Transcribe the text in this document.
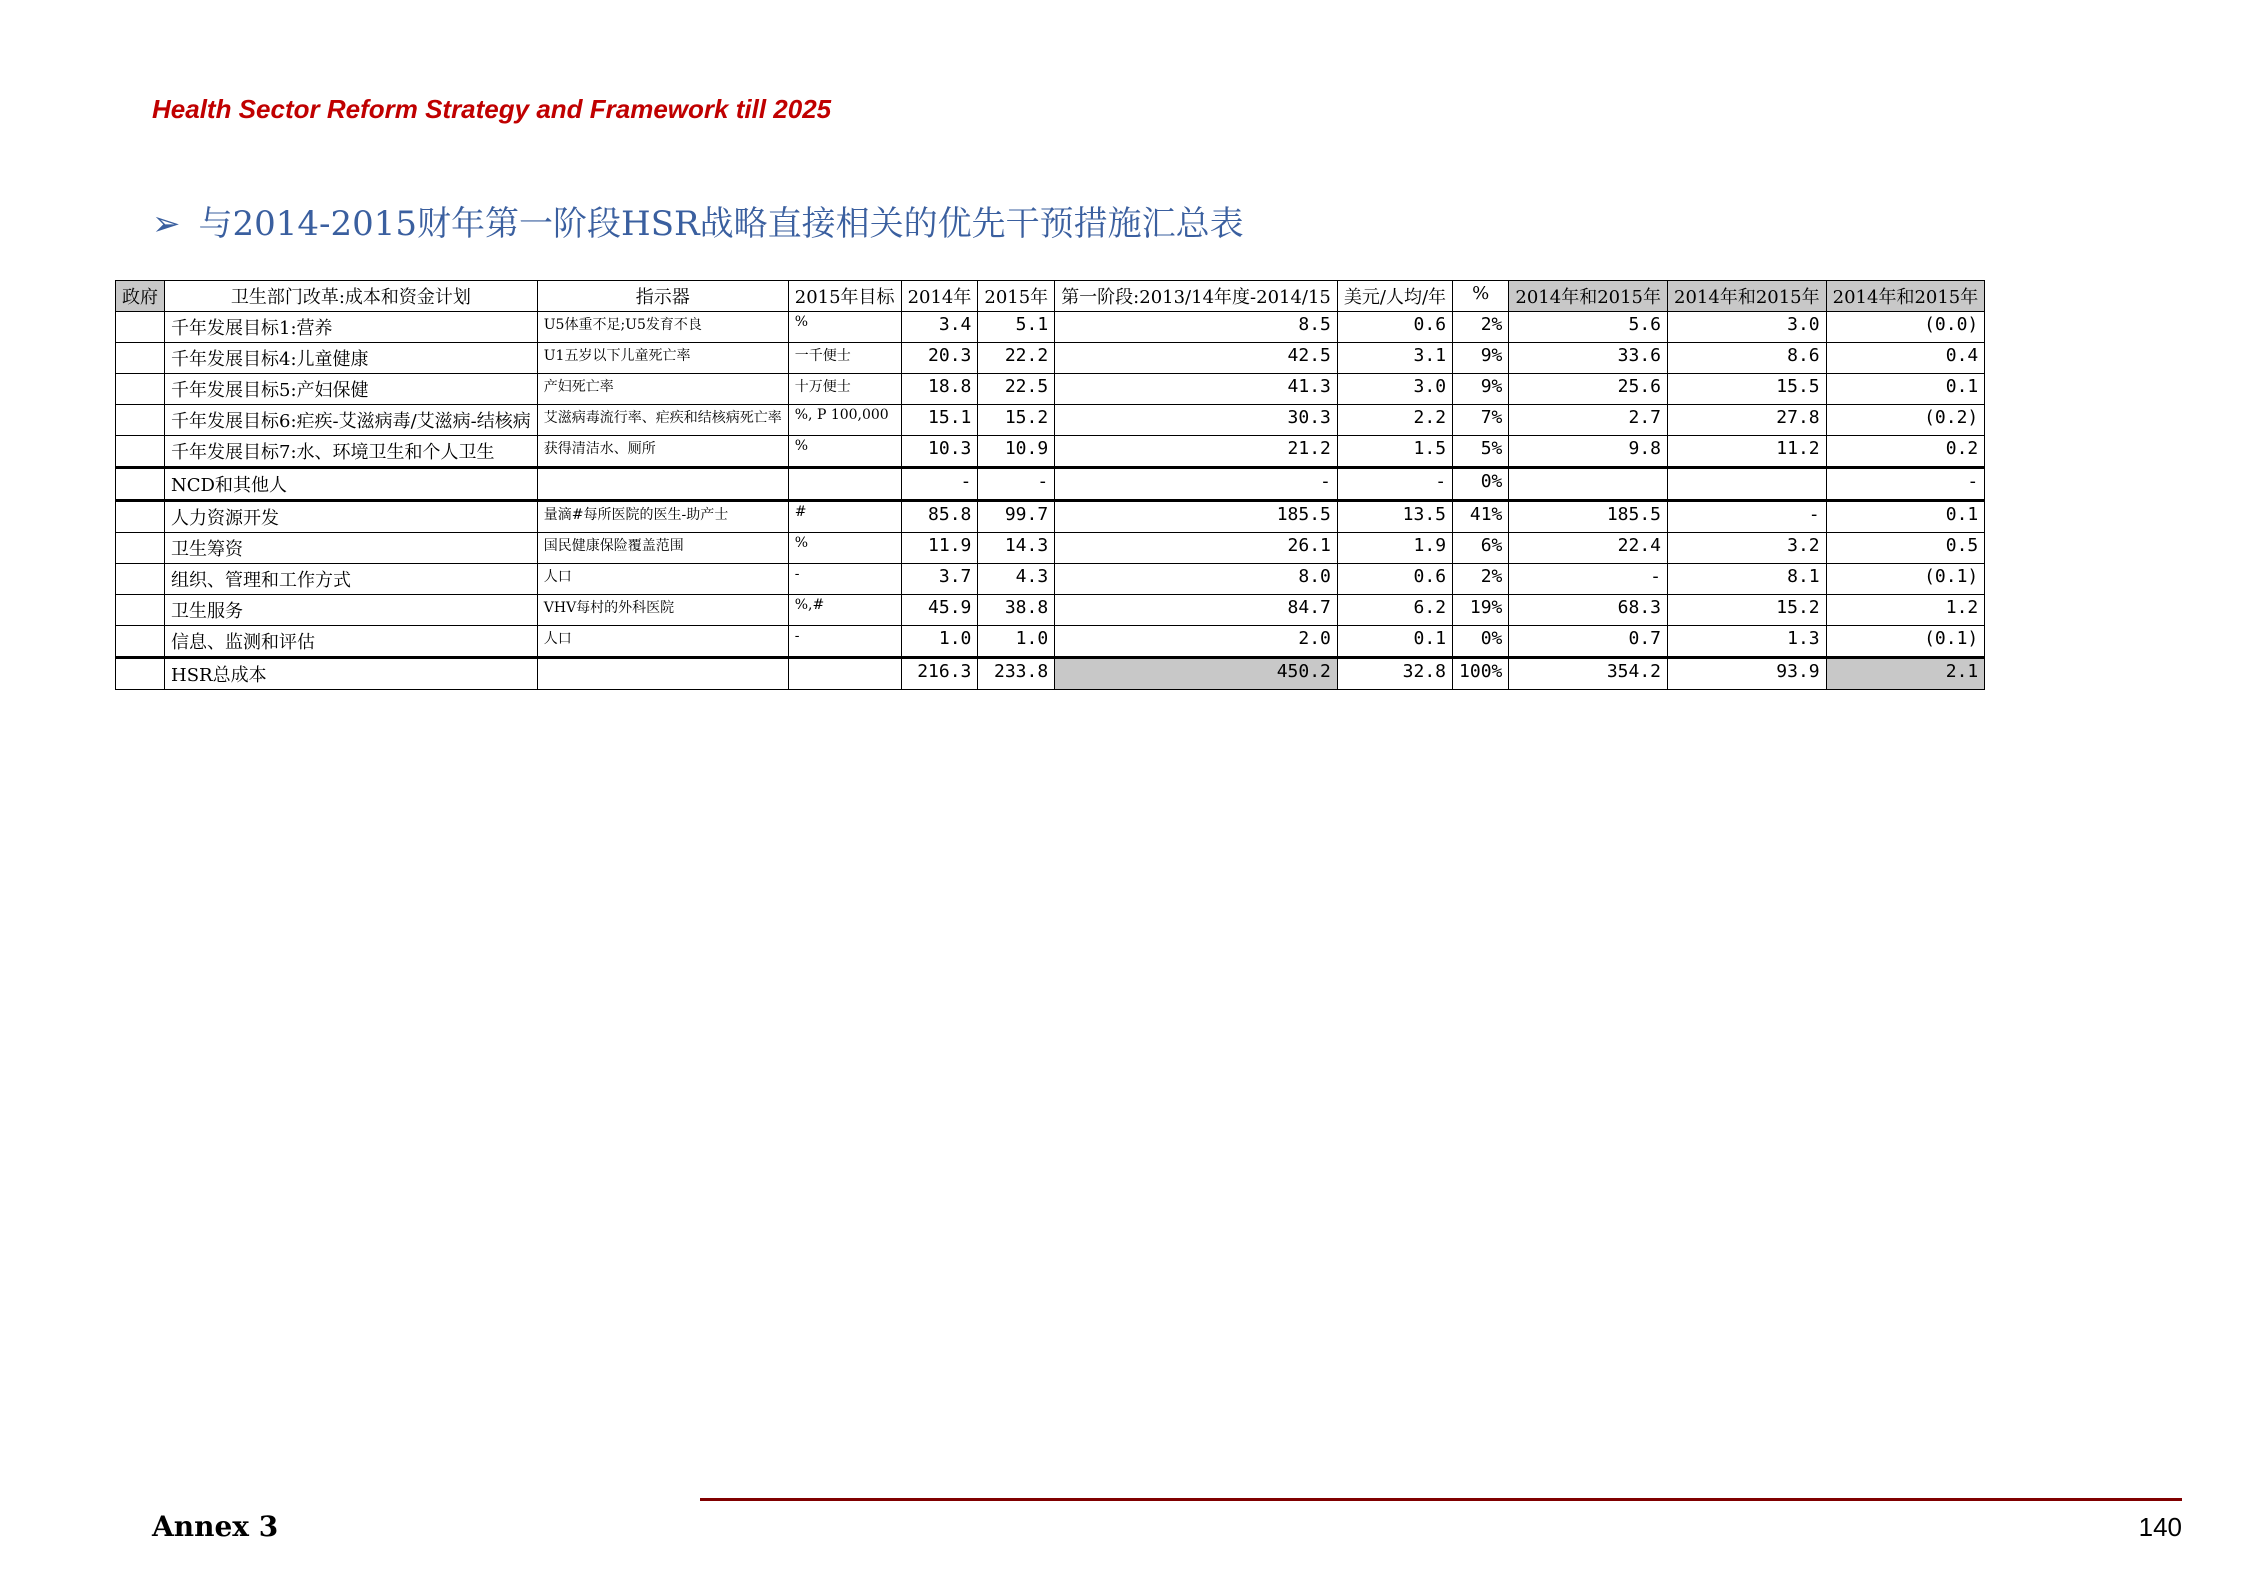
Health Sector Reform Strategy and Framework till 2025
➢ 与2014-2015财年第一阶段HSR战略直接相关的优先干预措施汇总表
政府	卫生部门改革:成本和资金计划	指示器	2015年目标	2014年	2015年	第一阶段:2013/14年度-2014/15	美元/人均/年	%	2014年和2015年	2014年和2015年	2014年和2015年
	千年发展目标1:营养	U5体重不足;U5发育不良	%	3.4	5.1	8.5	0.6	2%	5.6	3.0	(0.0)
	千年发展目标4:儿童健康	U1五岁以下儿童死亡率	一千便士	20.3	22.2	42.5	3.1	9%	33.6	8.6	0.4
	千年发展目标5:产妇保健	产妇死亡率	十万便士	18.8	22.5	41.3	3.0	9%	25.6	15.5	0.1
	千年发展目标6:疟疾-艾滋病毒/艾滋病-结核病	艾滋病毒流行率、疟疾和结核病死亡率	%, P 100,000	15.1	15.2	30.3	2.2	7%	2.7	27.8	(0.2)
	千年发展目标7:水、环境卫生和个人卫生	获得清洁水、厕所	%	10.3	10.9	21.2	1.5	5%	9.8	11.2	0.2
	NCD和其他人			-	-	-	-	0%			-
	人力资源开发	量滴#每所医院的医生-助产士	#	85.8	99.7	185.5	13.5	41%	185.5	-	0.1
	卫生筹资	国民健康保险覆盖范围	%	11.9	14.3	26.1	1.9	6%	22.4	3.2	0.5
	组织、管理和工作方式	人口	-	3.7	4.3	8.0	0.6	2%	-	8.1	(0.1)
	卫生服务	VHV每村的外科医院	%,#	45.9	38.8	84.7	6.2	19%	68.3	15.2	1.2
	信息、监测和评估	人口	-	1.0	1.0	2.0	0.1	0%	0.7	1.3	(0.1)
	HSR总成本			216.3	233.8	450.2	32.8	100%	354.2	93.9	2.1
Annex 3	140
